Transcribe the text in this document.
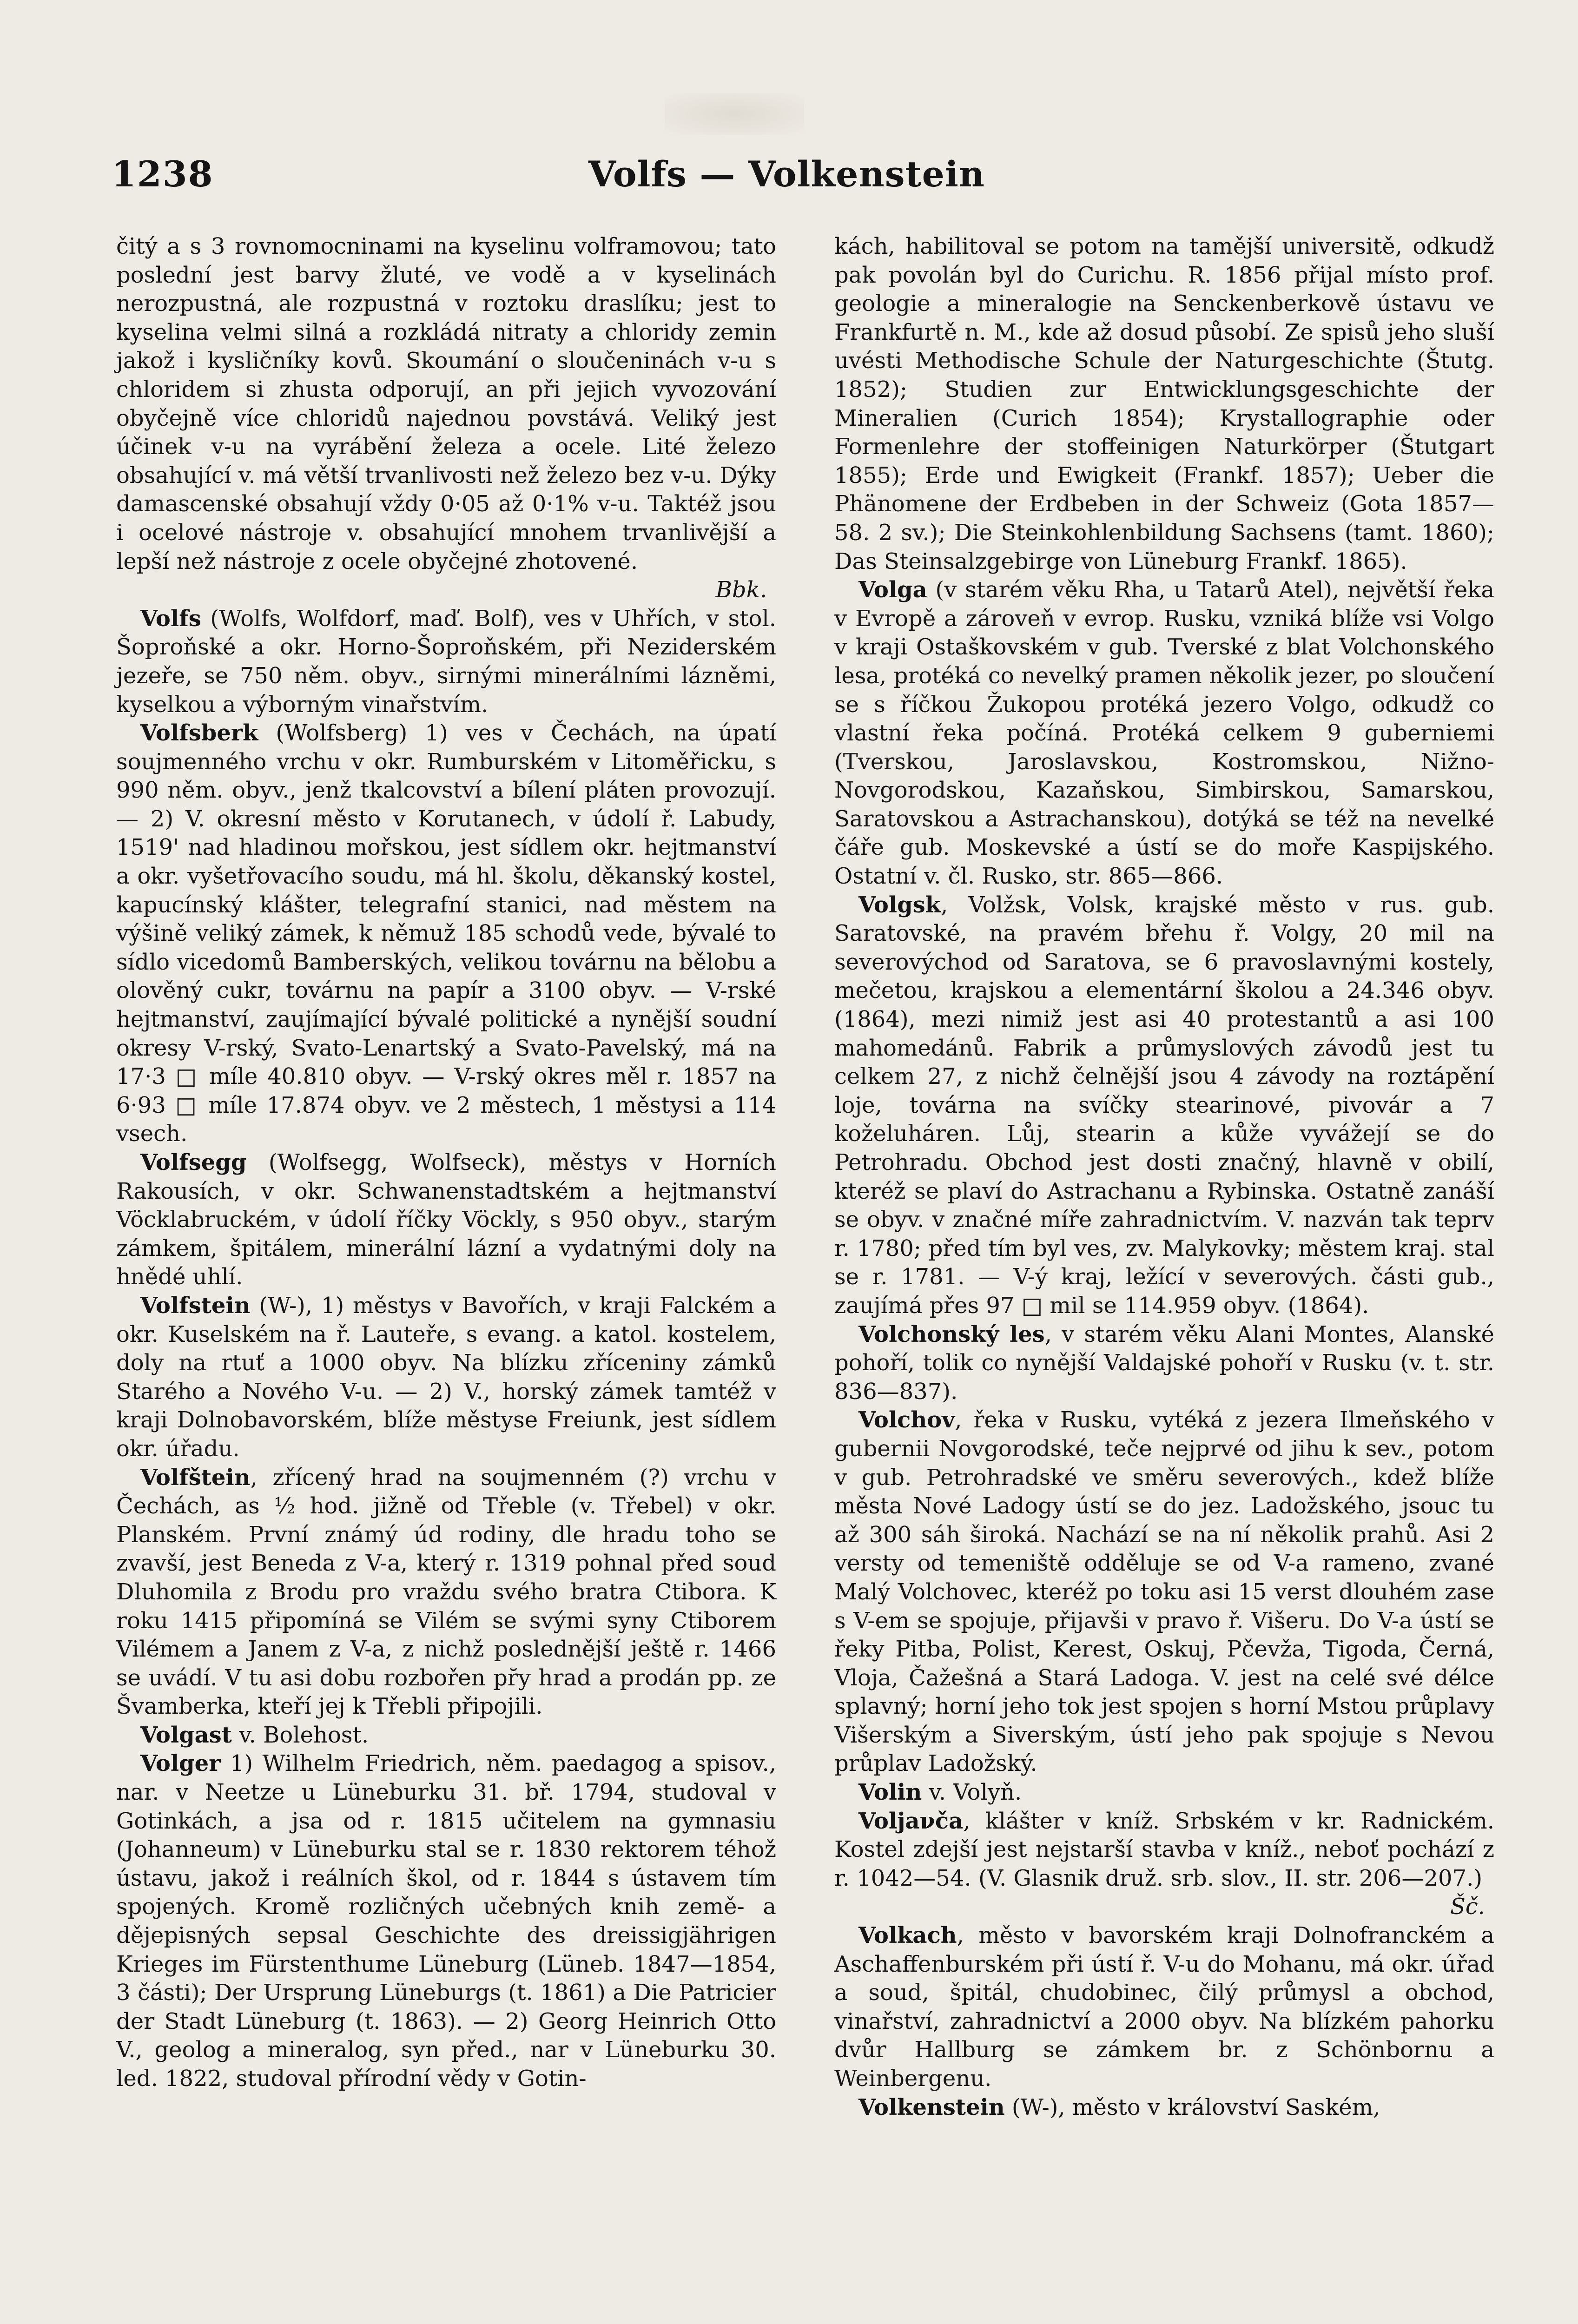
1238	Volfs — Volkenstein

čitý a s 3 rovnomocninami na kyselinu volframovou; tato poslední jest barvy žluté, ve vodě a v kyselinách nerozpustná, ale rozpustná v roztoku draslíku; jest to kyselina velmi silná a rozkládá nitraty a chloridy zemin jakož i kysličníky kovů. Skoumání o sloučeninách v-u s chloridem si zhusta odporují, an při jejich vyvozování obyčejně více chloridů najednou povstává. Veliký jest účinek v-u na vyrábění železa a ocele. Lité železo obsahující v. má větší trvanlivosti než železo bez v-u. Dýky damascenské obsahují vždy 0·05 až 0·1% v-u. Taktéž jsou i ocelové nástroje v. obsahující mnohem trvanlivější a lepší než nástroje z ocele obyčejné zhotovené.

Bbk.

Volfs (Wolfs, Wolfdorf, maď. Bolf), ves v Uhřích, v stol. Šoproňské a okr. Horno-Šoproňském, při Neziderském jezeře, se 750 něm. obyv., sirnými minerálními lázněmi, kyselkou a výborným vinařstvím.

Volfsberk (Wolfsberg) 1) ves v Čechách, na úpatí soujmenného vrchu v okr. Rumburském v Litoměřicku, s 990 něm. obyv., jenž tkalcovství a bílení pláten provozují. — 2) V. okresní město v Korutanech, v údolí ř. Labudy, 1519' nad hladinou mořskou, jest sídlem okr. hejtmanství a okr. vyšetřovacího soudu, má hl. školu, děkanský kostel, kapucínský klášter, telegrafní stanici, nad městem na výšině veliký zámek, k němuž 185 schodů vede, bývalé to sídlo vicedomů Bamberských, velikou továrnu na bělobu a olověný cukr, továrnu na papír a 3100 obyv. — V-rské hejtmanství, zaujímající bývalé politické a nynější soudní okresy V-rský, Svato-Lenartský a Svato-Pavelský, má na 17·3 □ míle 40.810 obyv. — V-rský okres měl r. 1857 na 6·93 □ míle 17.874 obyv. ve 2 městech, 1 městysi a 114 vsech.

Volfsegg (Wolfsegg, Wolfseck), městys v Horních Rakousích, v okr. Schwanenstadtském a hejtmanství Vöcklabruckém, v údolí říčky Vöckly, s 950 obyv., starým zámkem, špitálem, minerální lázní a vydatnými doly na hnědé uhlí.

Volfstein (W-), 1) městys v Bavořích, v kraji Falckém a okr. Kuselském na ř. Lauteře, s evang. a katol. kostelem, doly na rtuť a 1000 obyv. Na blízku zříceniny zámků Starého a Nového V-u. — 2) V., horský zámek tamtéž v kraji Dolnobavorském, blíže městyse Freiunk, jest sídlem okr. úřadu.

Volfštein, zřícený hrad na soujmenném (?) vrchu v Čechách, as ½ hod. jižně od Třeble (v. Třebel) v okr. Planském. První známý úd rodiny, dle hradu toho se zvavší, jest Beneda z V-a, který r. 1319 pohnal před soud Dluhomila z Brodu pro vraždu svého bratra Ctibora. K roku 1415 připomíná se Vilém se svými syny Ctiborem Vilémem a Janem z V-a, z nichž poslednější ještě r. 1466 se uvádí. V tu asi dobu rozbořen pr̆y hrad a prodán pp. ze Švamberka, kteří jej k Třebli připojili.

Volgast v. Bolehost.

Volger 1) Wilhelm Friedrich, něm. paedagog a spisov., nar. v Neetze u Lüneburku 31. bř. 1794, studoval v Gotinkách, a jsa od r. 1815 učitelem na gymnasiu (Johanneum) v Lüneburku stal se r. 1830 rektorem téhož ústavu, jakož i reálních škol, od r. 1844 s ústavem tím spojených. Kromě rozličných učebných knih země- a dějepisných sepsal Geschichte des dreissigjährigen Krieges im Fürstenthume Lüneburg (Lüneb. 1847—1854, 3 části); Der Ursprung Lüneburgs (t. 1861) a Die Patricier der Stadt Lüneburg (t. 1863). — 2) Georg Heinrich Otto V., geolog a mineralog, syn před., nar v Lüneburku 30. led. 1822, studoval přírodní vědy v Gotin-

kách, habilitoval se potom na tamější universitě, odkudž pak povolán byl do Curichu. R. 1856 přijal místo prof. geologie a mineralogie na Senckenberkově ústavu ve Frankfurtě n. M., kde až dosud působí. Ze spisů jeho sluší uvésti Methodische Schule der Naturgeschichte (Štutg. 1852); Studien zur Entwicklungsgeschichte der Mineralien (Curich 1854); Krystallographie oder Formenlehre der stoffeinigen Naturkörper (Štutgart 1855); Erde und Ewigkeit (Frankf. 1857); Ueber die Phänomene der Erdbeben in der Schweiz (Gota 1857—58. 2 sv.); Die Steinkohlenbildung Sachsens (tamt. 1860); Das Steinsalzgebirge von Lüneburg Frankf. 1865).

Volga (v starém věku Rha, u Tatarů Atel), největší řeka v Evropě a zároveň v evrop. Rusku, vzniká blíže vsi Volgo v kraji Ostaškovském v gub. Tverské z blat Volchonského lesa, protéká co nevelký pramen několik jezer, po sloučení se s říčkou Žukopou protéká jezero Volgo, odkudž co vlastní řeka počíná. Protéká celkem 9 guberniemi (Tverskou, Jaroslavskou, Kostromskou, Nižno-Novgorodskou, Kazaňskou, Simbirskou, Samarskou, Saratovskou a Astrachanskou), dotýká se též na nevelké čáře gub. Moskevské a ústí se do moře Kaspijského. Ostatní v. čl. Rusko, str. 865—866.

Volgsk, Volžsk, Volsk, krajské město v rus. gub. Saratovské, na pravém břehu ř. Volgy, 20 mil na severovýchod od Saratova, se 6 pravoslavnými kostely, mečetou, krajskou a elementární školou a 24.346 obyv. (1864), mezi nimiž jest asi 40 protestantů a asi 100 mahomedánů. Fabrik a průmyslových závodů jest tu celkem 27, z nichž čelnější jsou 4 závody na roztápění loje, továrna na svíčky stearinové, pivovár a 7 koželuháren. Lůj, stearin a kůže vyvážejí se do Petrohradu. Obchod jest dosti značný, hlavně v obilí, kteréž se plaví do Astrachanu a Rybinska. Ostatně zanáší se obyv. v značné míře zahradnictvím. V. nazván tak teprv r. 1780; před tím byl ves, zv. Malykovky; městem kraj. stal se r. 1781. — V-ý kraj, ležící v severových. části gub., zaujímá přes 97 □ mil se 114.959 obyv. (1864).

Volchonský les, v starém věku Alani Montes, Alanské pohoří, tolik co nynější Valdajské pohoří v Rusku (v. t. str. 836—837).

Volchov, řeka v Rusku, vytéká z jezera Ilmeňského v gubernii Novgorodské, teče nejprvé od jihu k sev., potom v gub. Petrohradské ve směru severových., kdež blíže města Nové Ladogy ústí se do jez. Ladožského, jsouc tu až 300 sáh široká. Nachází se na ní několik prahů. Asi 2 versty od temeniště oddělujе se od V-a rameno, zvané Malý Volchovec, kteréž po toku asi 15 verst dlouhém zase s V-em se spojuje, přijavši v pravo ř. Višeru. Do V-a ústí se řeky Pitba, Polist, Kerest, Oskuj, Pčevža, Tigoda, Černá, Vloja, Čažešná a Stará Ladoga. V. jest na celé své délce splavný; horní jeho tok jest spojen s horní Mstou průplavy Višerským a Siverským, ústí jeho pak spojuje s Nevou průplav Ladožský.

Volin v. Volyň.

Voljaνča, klášter v kníž. Srbském v kr. Radnickém. Kostel zdejší jest nejstarší stavba v kníž., neboť pochází z r. 1042—54. (V. Glasnik druž. srb. slov., II. str. 206—207.)

Šč.

Volkach, město v bavorském kraji Dolnofranckém a Aschaffenburském při ústí ř. V-u do Mohanu, má okr. úřad a soud, špitál, chudobinec, čilý průmysl a obchod, vinařství, zahradnictví a 2000 obyv. Na blízkém pahorku dvůr Hallburg se zámkem br. z Schönbornu a Weinbergenu.

Volkenstein (W-), město v království Saském,
